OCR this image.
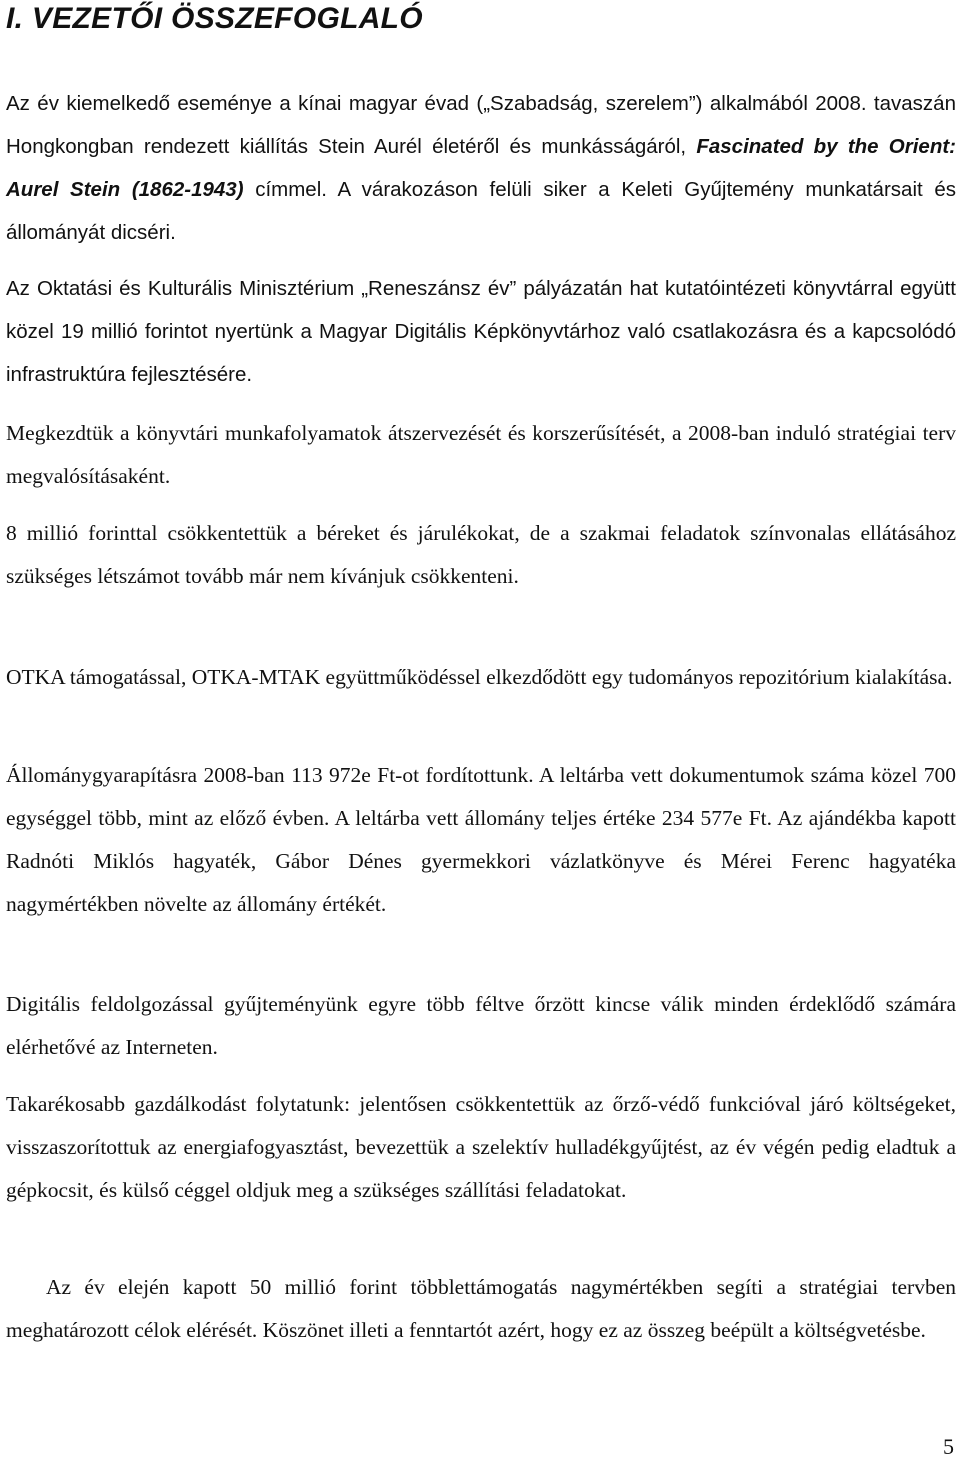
I. VEZETŐI ÖSSZEFOGLALÓ

Az év kiemelkedő eseménye a kínai magyar évad („Szabadság, szerelem”) alkalmából 2008. tavaszán Hongkongban rendezett kiállítás Stein Aurél életéről és munkásságáról, Fascinated by the Orient: Aurel Stein (1862-1943) címmel. A várakozáson felüli siker a Keleti Gyűjtemény munkatársait és állományát dicséri.

Az Oktatási és Kulturális Minisztérium „Reneszánsz év” pályázatán hat kutatóintézeti könyvtárral együtt közel 19 millió forintot nyertünk a Magyar Digitális Képkönyvtárhoz való csatlakozásra és a kapcsolódó infrastruktúra fejlesztésére.

Megkezdtük a könyvtári munkafolyamatok átszervezését és korszerűsítését, a 2008-ban induló stratégiai terv megvalósításaként.

8 millió forinttal csökkentettük a béreket és járulékokat, de a szakmai feladatok színvonalas ellátásához szükséges létszámot tovább már nem kívánjuk csökkenteni.

OTKA támogatással, OTKA-MTAK együttműködéssel elkezdődött egy tudományos repozitórium kialakítása.

Állománygyarapításra 2008-ban 113 972e Ft-ot fordítottunk. A leltárba vett dokumentumok száma közel 700 egységgel több, mint az előző évben. A leltárba vett állomány teljes értéke 234 577e Ft. Az ajándékba kapott Radnóti Miklós hagyaték, Gábor Dénes gyermekkori vázlatkönyve és Mérei Ferenc hagyatéka nagymértékben növelte az állomány értékét.

Digitális feldolgozással gyűjteményünk egyre több féltve őrzött kincse válik minden érdeklődő számára elérhetővé az Interneten.

Takarékosabb gazdálkodást folytatunk: jelentősen csökkentettük az őrző-védő funkcióval járó költségeket, visszaszorítottuk az energiafogyasztást, bevezettük a szelektív hulladékgyűjtést, az év végén pedig eladtuk a gépkocsit, és külső céggel oldjuk meg a szükséges szállítási feladatokat.

Az év elején kapott 50 millió forint többlettámogatás nagymértékben segíti a stratégiai tervben meghatározott célok elérését. Köszönet illeti a fenntartót azért, hogy ez az összeg beépült a költségvetésbe.

5
